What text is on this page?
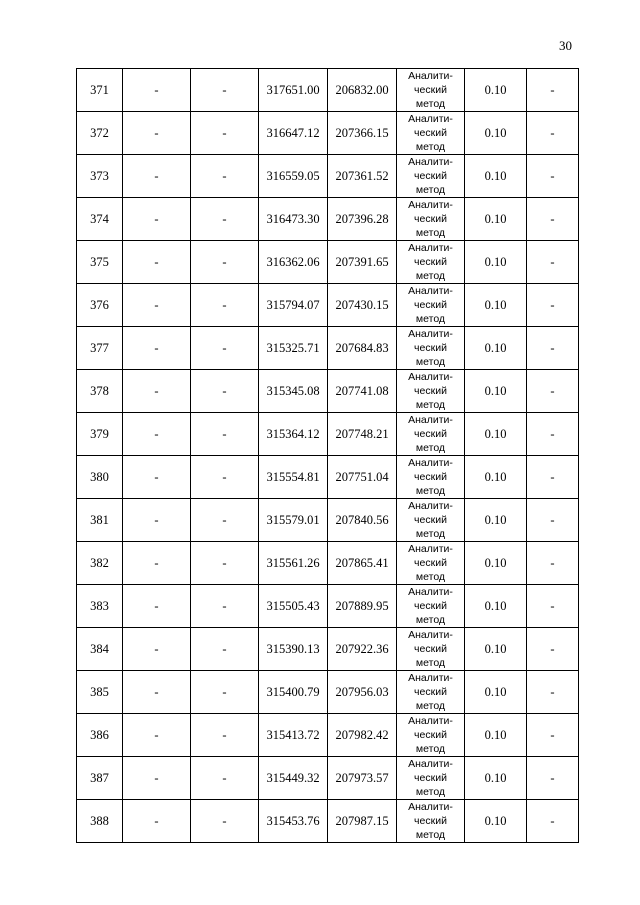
30
371	-	-	317651.00	206832.00	Аналити-
ческий
метод	0.10	-
372	-	-	316647.12	207366.15	Аналити-
ческий
метод	0.10	-
373	-	-	316559.05	207361.52	Аналити-
ческий
метод	0.10	-
374	-	-	316473.30	207396.28	Аналити-
ческий
метод	0.10	-
375	-	-	316362.06	207391.65	Аналити-
ческий
метод	0.10	-
376	-	-	315794.07	207430.15	Аналити-
ческий
метод	0.10	-
377	-	-	315325.71	207684.83	Аналити-
ческий
метод	0.10	-
378	-	-	315345.08	207741.08	Аналити-
ческий
метод	0.10	-
379	-	-	315364.12	207748.21	Аналити-
ческий
метод	0.10	-
380	-	-	315554.81	207751.04	Аналити-
ческий
метод	0.10	-
381	-	-	315579.01	207840.56	Аналити-
ческий
метод	0.10	-
382	-	-	315561.26	207865.41	Аналити-
ческий
метод	0.10	-
383	-	-	315505.43	207889.95	Аналити-
ческий
метод	0.10	-
384	-	-	315390.13	207922.36	Аналити-
ческий
метод	0.10	-
385	-	-	315400.79	207956.03	Аналити-
ческий
метод	0.10	-
386	-	-	315413.72	207982.42	Аналити-
ческий
метод	0.10	-
387	-	-	315449.32	207973.57	Аналити-
ческий
метод	0.10	-
388	-	-	315453.76	207987.15	Аналити-
ческий
метод	0.10	-
